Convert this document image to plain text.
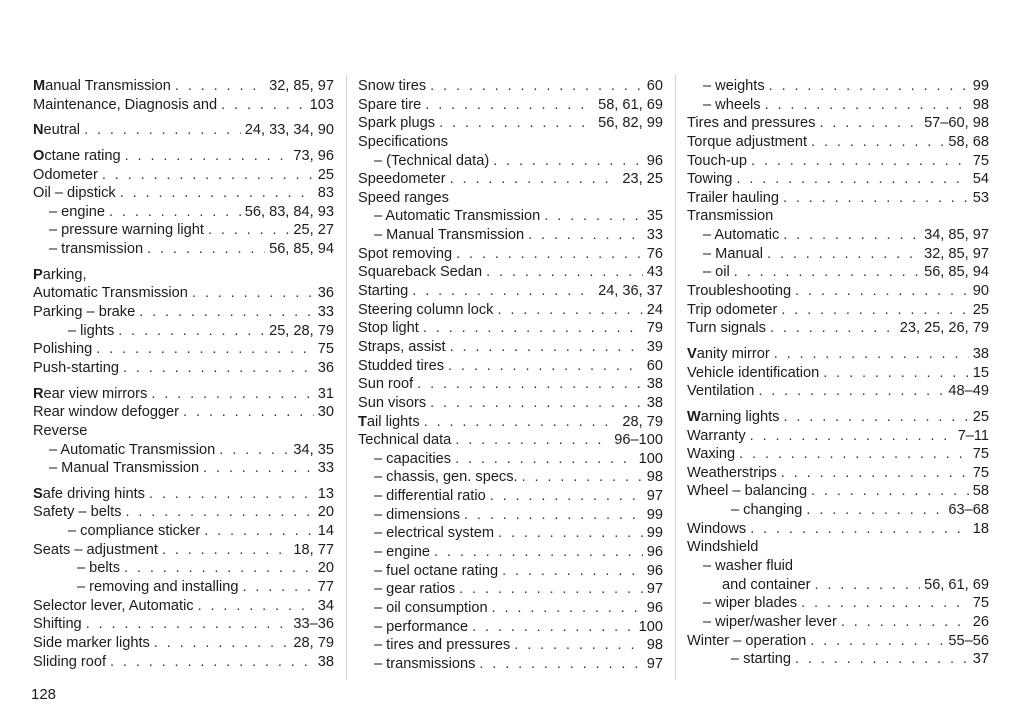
Manual Transmission . . .	32, 85, 97
Maintenance, Diagnosis and . . .	103
Neutral . . .	24, 33, 34, 90
Octane rating . . .	73, 96
Odometer . . .	25
Oil – dipstick . . .	83
– engine . . .	56, 83, 84, 93
– pressure warning light . . .	25, 27
– transmission . . .	56, 85, 94
Parking,
Automatic Transmission . . .	36
Parking – brake . . .	33
– lights . . .	25, 28, 79
Polishing . . .	75
Push-starting . . .	36
Rear view mirrors . . .	31
Rear window defogger . . .	30
Reverse
– Automatic Transmission . . .	34, 35
– Manual Transmission . . .	33
Safe driving hints . . .	13
Safety – belts . . .	20
– compliance sticker . . .	14
Seats – adjustment . . .	18, 77
– belts . . .	20
– removing and installing . . .	77
Selector lever, Automatic . . .	34
Shifting . . .	33–36
Side marker lights . . .	28, 79
Sliding roof . . .	38
Snow tires . . .	60
Spare tire . . .	58, 61, 69
Spark plugs . . .	56, 82, 99
Specifications
– (Technical data) . . .	96
Speedometer . . .	23, 25
Speed ranges
– Automatic Transmission . . .	35
– Manual Transmission . . .	33
Spot removing . . .	76
Squareback Sedan . . .	43
Starting . . .	24, 36, 37
Steering column lock . . .	24
Stop light . . .	79
Straps, assist . . .	39
Studded tires . . .	60
Sun roof . . .	38
Sun visors . . .	38
Tail lights . . .	28, 79
Technical data . . .	96–100
– capacities . . .	100
– chassis, gen. specs. . . .	98
– differential ratio . . .	97
– dimensions . . .	99
– electrical system . . .	99
– engine . . .	96
– fuel octane rating . . .	96
– gear ratios . . .	97
– oil consumption . . .	96
– performance . . .	100
– tires and pressures . . .	98
– transmissions . . .	97
– weights . . .	99
– wheels . . .	98
Tires and pressures . . .	57–60, 98
Torque adjustment . . .	58, 68
Touch-up . . .	75
Towing . . .	54
Trailer hauling . . .	53
Transmission
– Automatic . . .	34, 85, 97
– Manual . . .	32, 85, 97
– oil . . .	56, 85, 94
Troubleshooting . . .	90
Trip odometer . . .	25
Turn signals . . .	23, 25, 26, 79
Vanity mirror . . .	38
Vehicle identification . . .	15
Ventilation . . .	48–49
Warning lights . . .	25
Warranty . . .	7–11
Waxing . . .	75
Weatherstrips . . .	75
Wheel – balancing . . .	58
– changing . . .	63–68
Windows . . .	18
Windshield
– washer fluid
and container . . .	56, 61, 69
– wiper blades . . .	75
– wiper/washer lever . . .	26
Winter – operation . . .	55–56
– starting . . .	37
128
